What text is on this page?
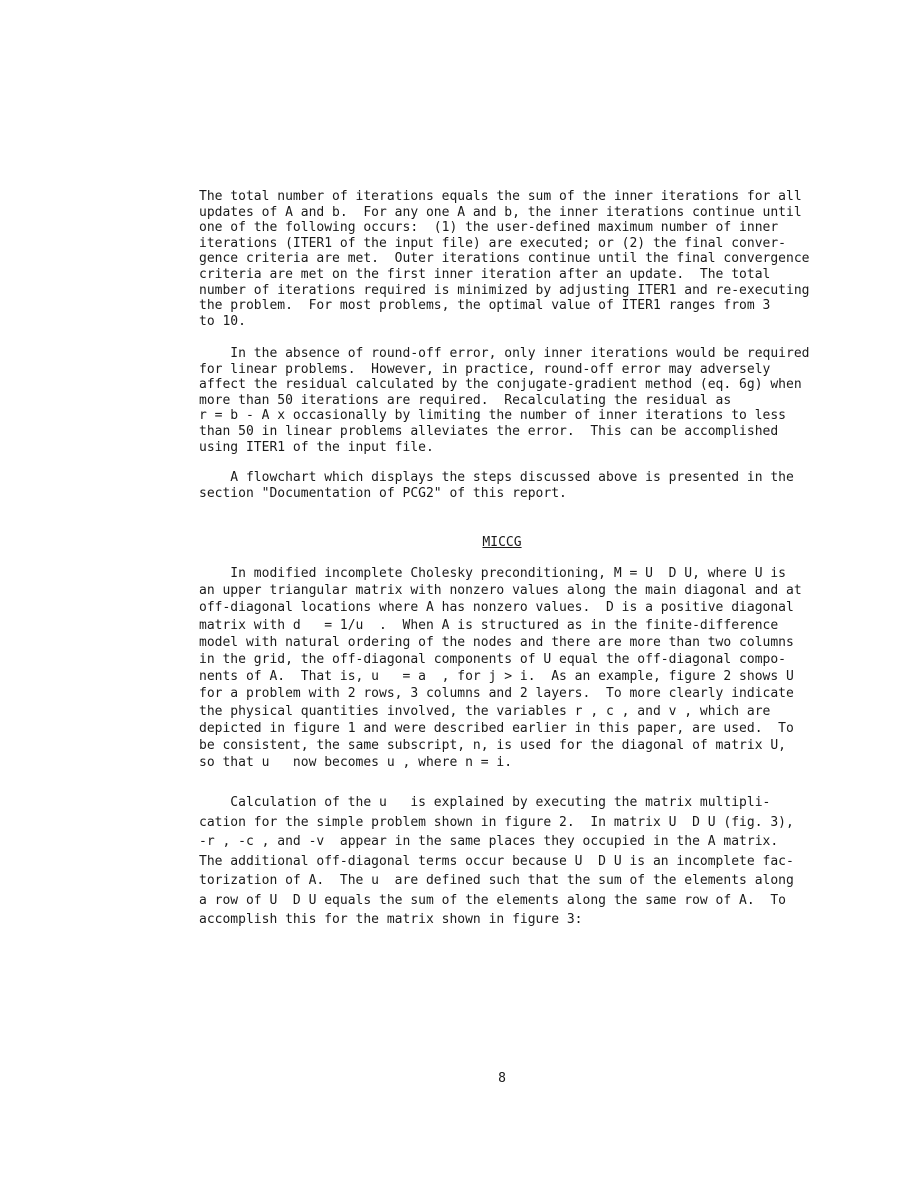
The total number of iterations equals the sum of the inner iterations for all
updates of A and b.  For any one A and b, the inner iterations continue until
one of the following occurs:  (1) the user-defined maximum number of inner
iterations (ITER1 of the input file) are executed; or (2) the final conver-
gence criteria are met.  Outer iterations continue until the final convergence
criteria are met on the first inner iteration after an update.  The total
number of iterations required is minimized by adjusting ITER1 and re-executing
the problem.  For most problems, the optimal value of ITER1 ranges from 3
to 10.
In the absence of round-off error, only inner iterations would be required
for linear problems.  However, in practice, round-off error may adversely
affect the residual calculated by the conjugate-gradient method (eq. 6g) when
more than 50 iterations are required.  Recalculating the residual as
r = b - A x occasionally by limiting the number of inner iterations to less
than 50 in linear problems alleviates the error.  This can be accomplished
using ITER1 of the input file.
A flowchart which displays the steps discussed above is presented in the
section "Documentation of PCG2" of this report.
MICCG
In modified incomplete Cholesky preconditioning, M = U  D U, where U is
an upper triangular matrix with nonzero values along the main diagonal and at
off-diagonal locations where A has nonzero values.  D is a positive diagonal
matrix with d   = 1/u  .  When A is structured as in the finite-difference
model with natural ordering of the nodes and there are more than two columns
in the grid, the off-diagonal components of U equal the off-diagonal compo-
nents of A.  That is, u   = a  , for j > i.  As an example, figure 2 shows U
for a problem with 2 rows, 3 columns and 2 layers.  To more clearly indicate
the physical quantities involved, the variables r , c , and v , which are
depicted in figure 1 and were described earlier in this paper, are used.  To
be consistent, the same subscript, n, is used for the diagonal of matrix U,
so that u   now becomes u , where n = i.
Calculation of the u   is explained by executing the matrix multipli-
cation for the simple problem shown in figure 2.  In matrix U  D U (fig. 3),
-r , -c , and -v  appear in the same places they occupied in the A matrix.
The additional off-diagonal terms occur because U  D U is an incomplete fac-
torization of A.  The u  are defined such that the sum of the elements along
a row of U  D U equals the sum of the elements along the same row of A.  To
accomplish this for the matrix shown in figure 3:
8
